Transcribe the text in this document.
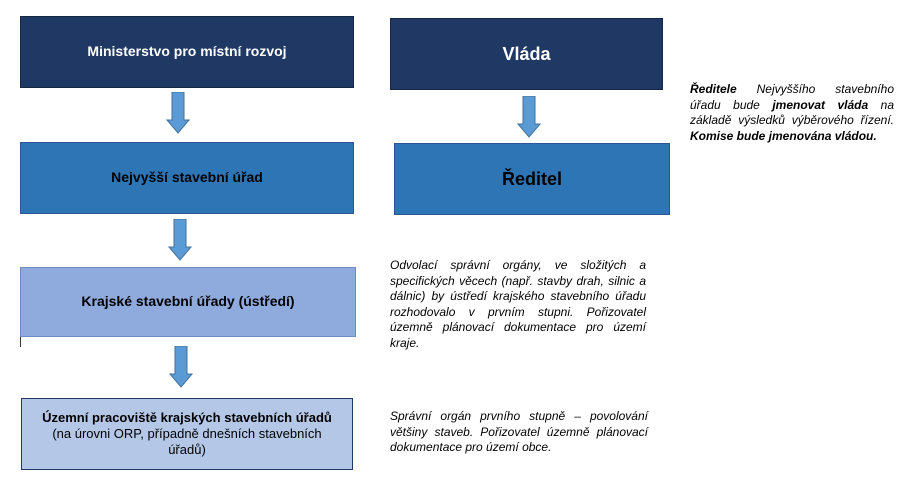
Ministerstvo pro místní rozvoj
Nejvyšší stavební úřad
Krajské stavební úřady (ústředí)
Územní pracoviště krajských stavebních úřadů
(na úrovni ORP, případně dnešních stavebních úřadů)
Vláda
Ředitel

Ředitele Nejvyššího stavebního úřadu bude jmenovat vláda na základě výsledků výběrového řízení. Komise bude jmenována vládou.

Odvolací správní orgány, ve složitých a specifických věcech (např. stavby drah, silnic a dálnic) by ústředí krajského stavebního úřadu rozhodovalo v prvním stupni. Pořizovatel územně plánovací dokumentace pro území kraje.

Správní orgán prvního stupně – povolování většiny staveb. Pořizovatel územně plánovací dokumentace pro území obce.
